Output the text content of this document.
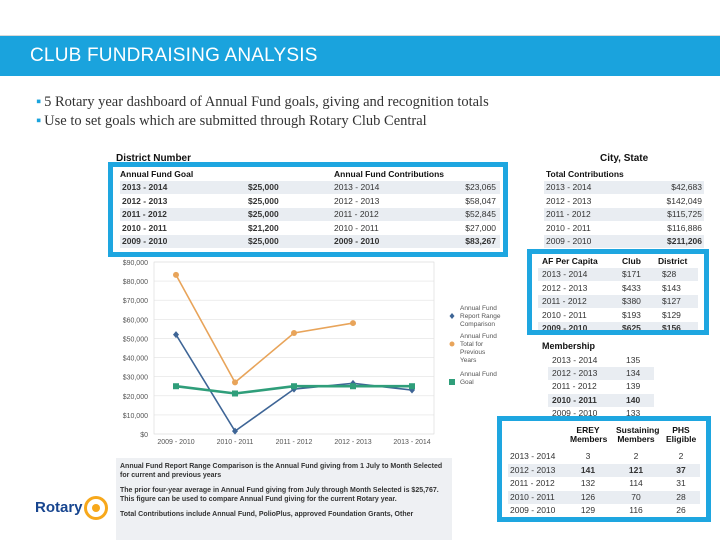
CLUB FUNDRAISING ANALYSIS
▪ 5 Rotary year dashboard of Annual Fund goals, giving and recognition totals
▪ Use to set goals which are submitted through Rotary Club Central
District Number
Annual Fund Goal	Annual Fund Contributions
2013 - 2014	$25,000	2013 - 2014	$23,065
2012 - 2013	$25,000	2012 - 2013	$58,047
2011 - 2012	$25,000	2011 - 2012	$52,845
2010 - 2011	$21,200	2010 - 2011	$27,000
2009 - 2010	$25,000	2009 - 2010	$83,267
City, State
Total Contributions
2013 - 2014	$42,683
2012 - 2013	$142,049
2011 - 2012	$115,725
2010 - 2011	$116,886
2009 - 2010	$211,206
AF Per Capita	Club District
2013 - 2014	$171 $28
2012 - 2013	$433 $143
2011 - 2012	$380 $127
2010 - 2011	$193 $129
2009 - 2010	$625 $156
Membership
2013 - 2014	135
2012 - 2013	134
2011 - 2012	139
2010 - 2011	140
2009 - 2010	133
EREY Members
Sustaining Members
PHS Eligible
2013 - 2014	3	2	2
2012 - 2013	141	121	37
2011 - 2012	132	114	31
2010 - 2011	126	70	28
2009 - 2010	129	116	26
$0
$10,000
$20,000
$30,000
$40,000
$50,000
$60,000
$70,000
$80,000
$90,000
2009 - 2010	2010 - 2011	2011 - 2012	2012 - 2013	2013 - 2014
Annual Fund
Report Range
Comparison
Annual Fund
Total for
Previous
Years
Annual Fund
Goal

Annual Fund Report Range Comparison is the Annual Fund giving from 1 July to Month Selected for current and previous years

The prior four-year average in Annual Fund giving from July through Month Selected is $25,767. This figure can be used to compare Annual Fund giving for the current Rotary year.

Total Contributions include Annual Fund, PolioPlus, approved Foundation Grants, Other

Rotary
